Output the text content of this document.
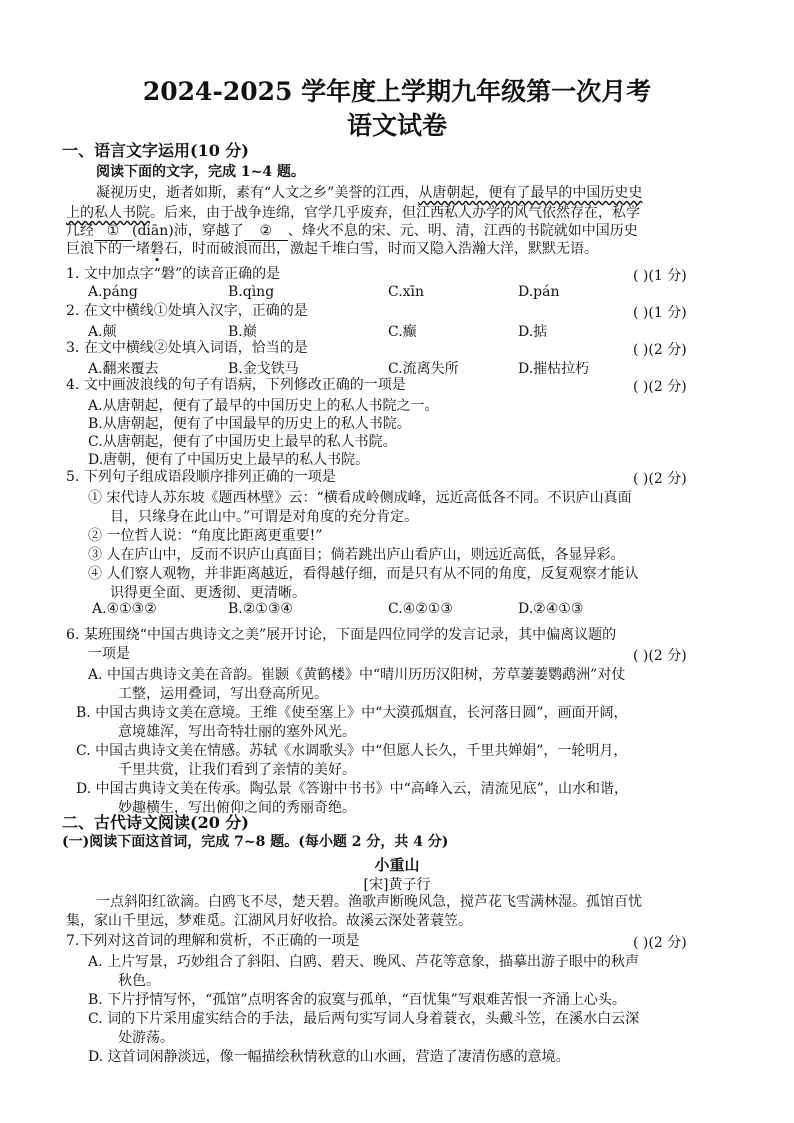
2024-2025 学年度上学期九年级第一次月考
语文试卷
一、语言文字运用(10 分)
阅读下面的文字，完成 1~4 题。
凝视历史，逝者如斯，素有“人文之乡”美誉的江西，从唐朝起，便有了最早的中国历史史
上的私人书院。后来，由于战争连绵，官学几乎废弃，但江西私人办学的风气依然存在，私学
几经 ① (diān)沛，穿越了 ② 、烽火不息的宋、元、明、清，江西的书院就如中国历史
巨浪下的一堵磐石，时而破浪而出，激起千堆白雪，时而又隐入浩瀚大洋，默默无语。
1. 文中加点字“磐”的读音正确的是	( )(1 分)
A.páng	B.qìng	C.xīn	D.pán
2. 在文中横线①处填入汉字，正确的是	( )(1 分)
A.颠	B.巅	C.癫	D.掂
3. 在文中横线②处填入词语，恰当的是	( )(2 分)
A.翻来覆去	B.金戈铁马	C.流离失所	D.摧枯拉朽
4. 文中画波浪线的句子有语病，下列修改正确的一项是	( )(2 分)
A.从唐朝起，便有了最早的中国历史上的私人书院之一。
B.从唐朝起，便有了中国最早的历史上的私人书院。
C.从唐朝起，便有了中国历史上最早的私人书院。
D.唐朝，便有了中国历史上最早的私人书院。
5. 下列句子组成语段顺序排列正确的一项是	( )(2 分)
① 宋代诗人苏东坡《题西林壁》云：“横看成岭侧成峰，远近高低各不同。不识庐山真面
目，只缘身在此山中。”可谓是对角度的充分肯定。
② 一位哲人说：“角度比距离更重要!”
③ 人在庐山中，反而不识庐山真面目；倘若跳出庐山看庐山，则远近高低，各显异彩。
④ 人们察人观物，并非距离越近，看得越仔细，而是只有从不同的角度，反复观察才能认
识得更全面、更透彻、更清晰。
A.④①③②	B.②①③④	C.④②①③	D.②④①③
6. 某班围绕“中国古典诗文之美”展开讨论，下面是四位同学的发言记录，其中偏离议题的
一项是	( )(2 分)
A. 中国古典诗文美在音韵。崔颢《黄鹤楼》中“晴川历历汉阳树，芳草萋萋鹦鹉洲”对仗
工整，运用叠词，写出登高所见。
B. 中国古典诗文美在意境。王维《使至塞上》中“大漠孤烟直，长河落日圆”，画面开阔，
意境雄浑，写出奇特壮丽的塞外风光。
C. 中国古典诗文美在情感。苏轼《水调歌头》中“但愿人长久，千里共婵娟”，一轮明月，
千里共赏，让我们看到了亲情的美好。
D. 中国古典诗文美在传承。陶弘景《答谢中书书》中“高峰入云，清流见底”，山水和谐，
妙趣横生，写出俯仰之间的秀丽奇绝。
二、古代诗文阅读(20 分)
(一)阅读下面这首词，完成 7~8 题。(每小题 2 分，共 4 分)
小重山
[宋]黄子行
一点斜阳红欲滴。白鸥飞不尽，楚天碧。渔歌声断晚风急，搅芦花飞雪满林湿。孤馆百忧
集，家山千里远，梦难觅。江湖风月好收拾。故溪云深处著蓑笠。
7.下列对这首词的理解和赏析，不正确的一项是	( )(2 分)
A. 上片写景，巧妙组合了斜阳、白鸥、碧天、晚风、芦花等意象，描摹出游子眼中的秋声
秋色。
B. 下片抒情写怀，“孤馆”点明客舍的寂寞与孤单，“百忧集”写艰难苦恨一齐涌上心头。
C. 词的下片采用虚实结合的手法，最后两句实写词人身着蓑衣，头戴斗笠，在溪水白云深
处游荡。
D. 这首词闲静淡远，像一幅描绘秋情秋意的山水画，营造了凄清伤感的意境。
